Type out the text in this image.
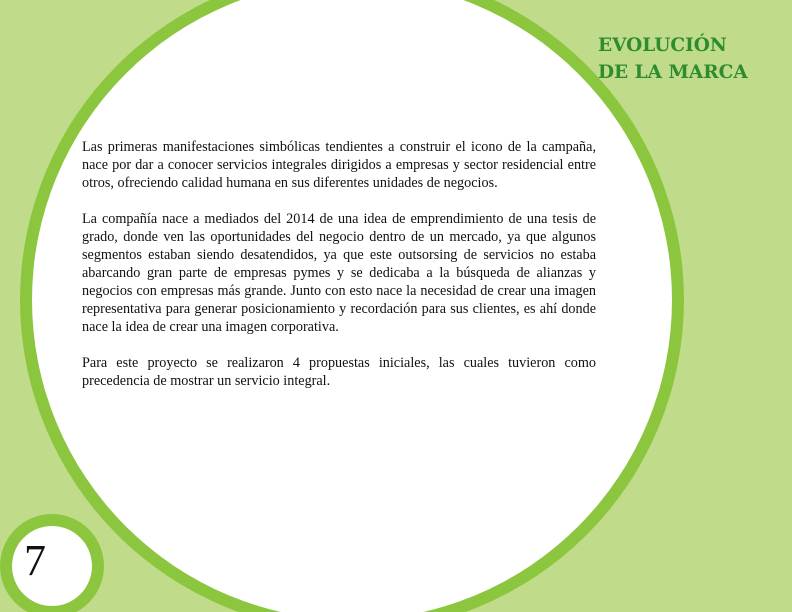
EVOLUCIÓN
DE LA MARCA

Las primeras manifestaciones simbólicas tendientes a construir el icono de la campaña, nace por dar a conocer servicios integrales dirigidos a empresas y sector residencial entre otros, ofreciendo calidad humana en sus diferentes unidades de negocios.

La compañía nace a mediados del 2014 de una idea de emprendimiento de una tesis de grado, donde ven las oportunidades del negocio dentro de un mercado, ya que algunos segmentos estaban siendo desatendidos, ya que este outsorsing de servicios no estaba abarcando gran parte de empresas pymes y se dedicaba a la búsqueda de alianzas y negocios con empresas más grande. Junto con esto nace la necesidad de crear una imagen representativa para generar posicionamiento y recordación para sus clientes, es ahí donde nace la idea de crear una imagen corporativa.

Para este proyecto se realizaron 4 propuestas iniciales, las cuales tuvieron como precedencia de mostrar un servicio integral.

7
